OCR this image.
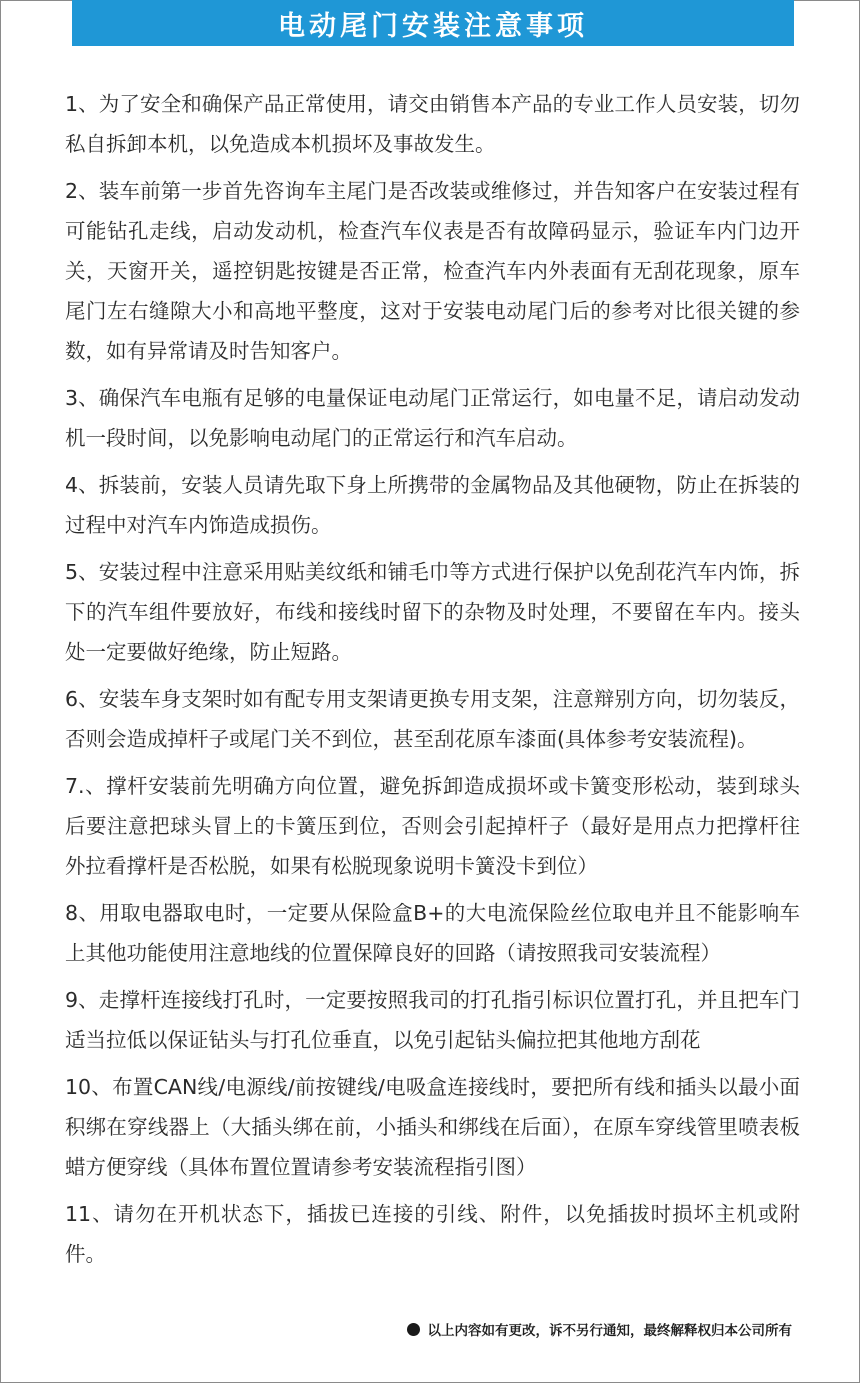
电动尾门安装注意事项

1、为了安全和确保产品正常使用，请交由销售本产品的专业工作人员安装，切勿私自拆卸本机，以免造成本机损坏及事故发生。

2、装车前第一步首先咨询车主尾门是否改装或维修过，并告知客户在安装过程有可能钻孔走线，启动发动机，检查汽车仪表是否有故障码显示，验证车内门边开关，天窗开关，遥控钥匙按键是否正常，检查汽车内外表面有无刮花现象，原车尾门左右缝隙大小和高地平整度，这对于安装电动尾门后的参考对比很关键的参数，如有异常请及时告知客户。

3、确保汽车电瓶有足够的电量保证电动尾门正常运行，如电量不足，请启动发动机一段时间，以免影响电动尾门的正常运行和汽车启动。

4、拆装前，安装人员请先取下身上所携带的金属物品及其他硬物，防止在拆装的过程中对汽车内饰造成损伤。

5、安装过程中注意采用贴美纹纸和铺毛巾等方式进行保护以免刮花汽车内饰，拆下的汽车组件要放好，布线和接线时留下的杂物及时处理，不要留在车内。接头处一定要做好绝缘，防止短路。

6、安装车身支架时如有配专用支架请更换专用支架，注意辩别方向，切勿装反，否则会造成掉杆子或尾门关不到位，甚至刮花原车漆面(具体参考安装流程)。

7.、撑杆安装前先明确方向位置，避免拆卸造成损坏或卡簧变形松动，装到球头后要注意把球头冒上的卡簧压到位，否则会引起掉杆子（最好是用点力把撑杆往外拉看撑杆是否松脱，如果有松脱现象说明卡簧没卡到位）

8、用取电器取电时，一定要从保险盒B+的大电流保险丝位取电并且不能影响车上其他功能使用注意地线的位置保障良好的回路（请按照我司安装流程）

9、走撑杆连接线打孔时，一定要按照我司的打孔指引标识位置打孔，并且把车门适当拉低以保证钻头与打孔位垂直，以免引起钻头偏拉把其他地方刮花

10、布置CAN线/电源线/前按键线/电吸盒连接线时，要把所有线和插头以最小面积绑在穿线器上（大插头绑在前，小插头和绑线在后面），在原车穿线管里喷表板蜡方便穿线（具体布置位置请参考安装流程指引图）

11、请勿在开机状态下，插拔已连接的引线、附件，以免插拔时损坏主机或附件。

以上内容如有更改，诉不另行通知，最终解释权归本公司所有
